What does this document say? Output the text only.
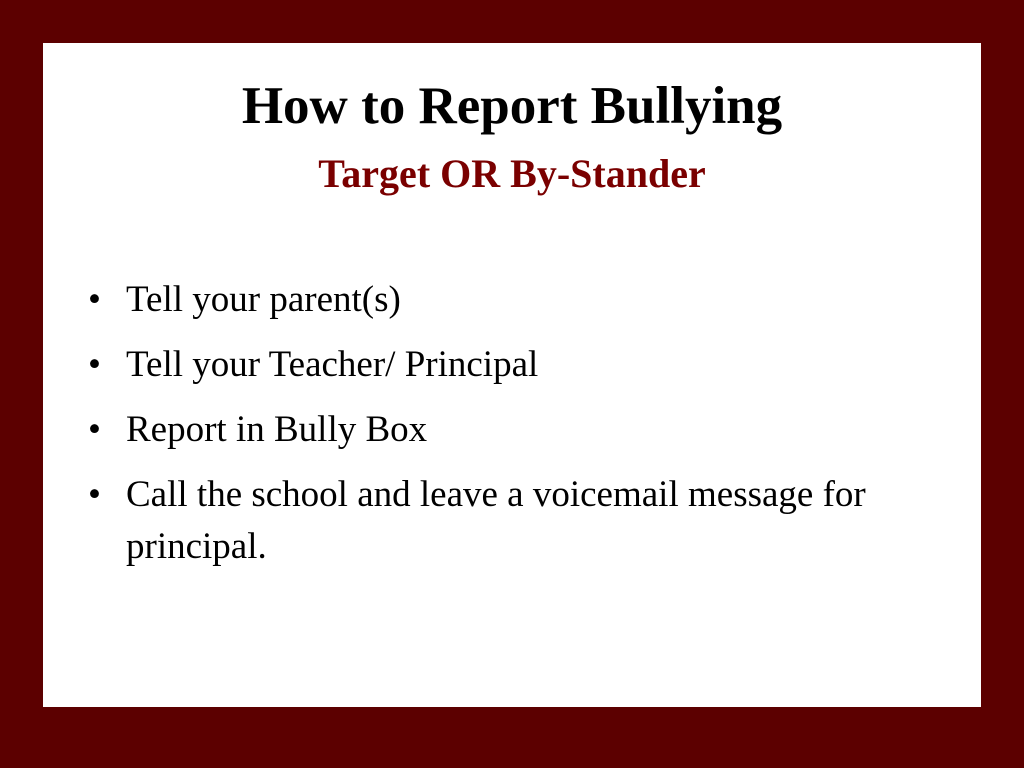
How to Report Bullying
Target OR By-Stander
• Tell your parent(s)
• Tell your Teacher/ Principal
• Report in Bully Box
• Call the school and leave a voicemail message for principal.
